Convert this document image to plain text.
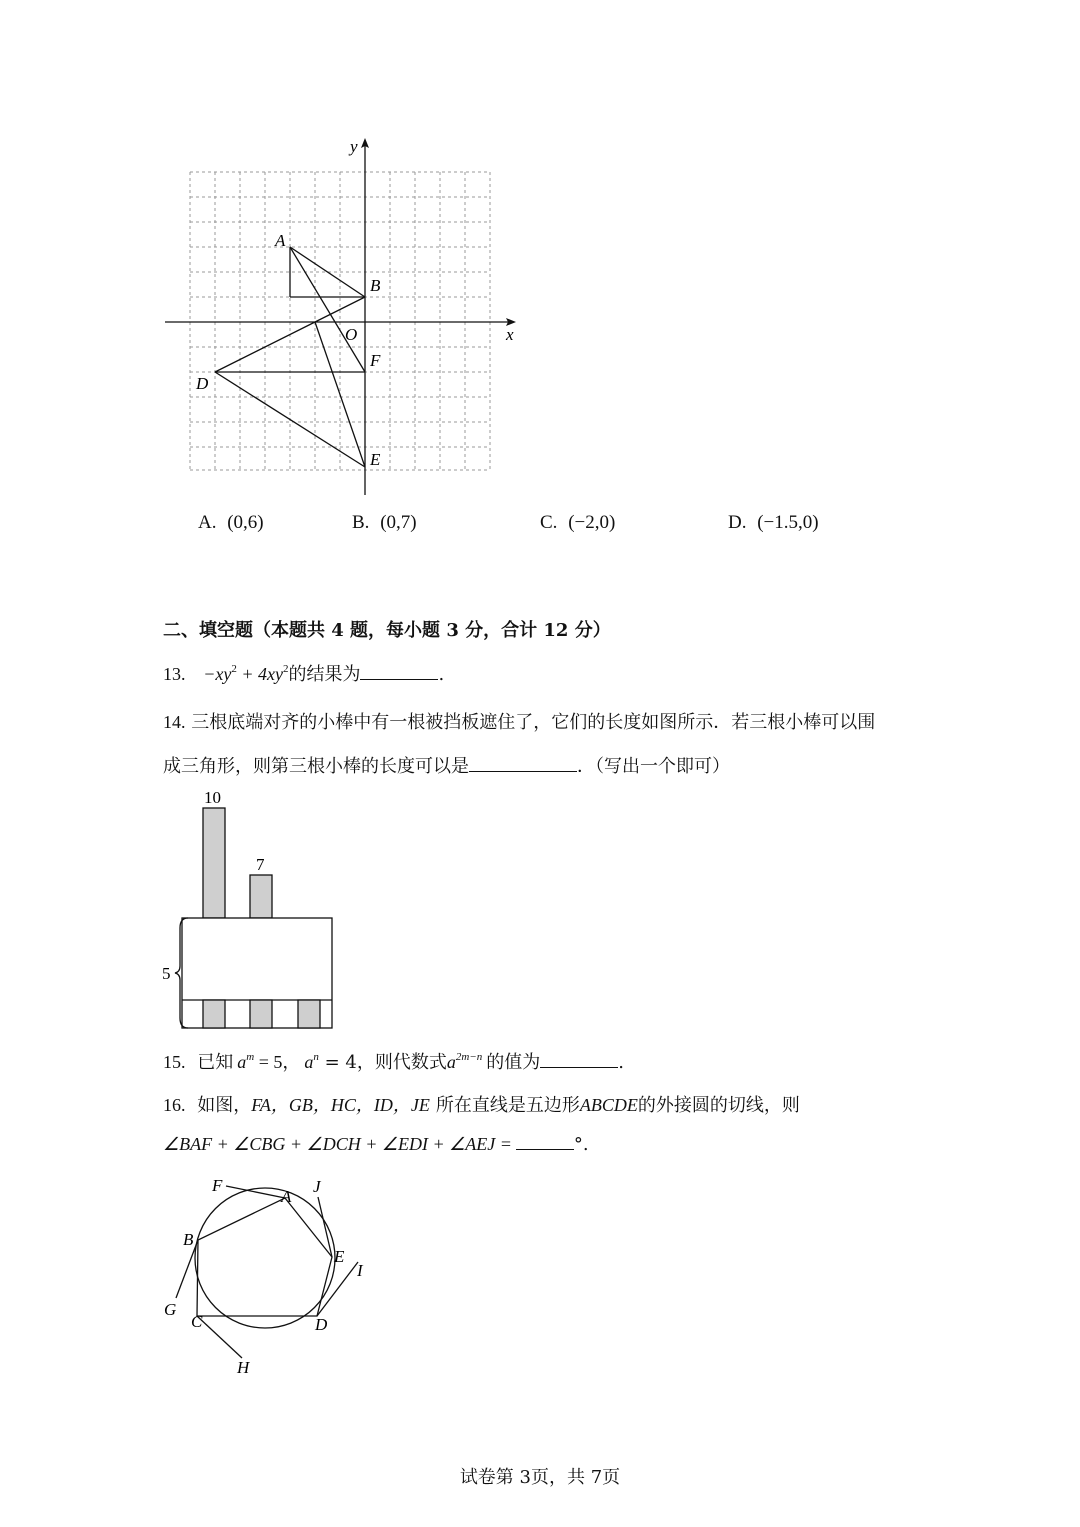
y
x
A
B
O
F
D
E
A. (0,6)	B. (0,7)	C. (−2,0)	D. (−1.5,0)
二、填空题（本题共 4 题，每小题 3 分，合计 12 分）
13. $-xy^2 + 4xy^2$的结果为	.
14. 三根底端对齐的小棒中有一根被挡板遮住了，它们的长度如图所示．若三根小棒可以围
成三角形，则第三根小棒的长度可以是	．（写出一个即可）
10
7
5
15. 已知 $a^m = 5$， $a^n = 4$，则代数式$a^{2m-n}$ 的值为	.
16. 如图，FA，GB，HC，ID，JE 所在直线是五边形ABCDE的外接圆的切线，则
∠BAF + ∠CBG + ∠DCH + ∠EDI + ∠AEJ =	°.
F
A
J
B
E
I
G
C	D
H
试卷第 3页，共 7页
